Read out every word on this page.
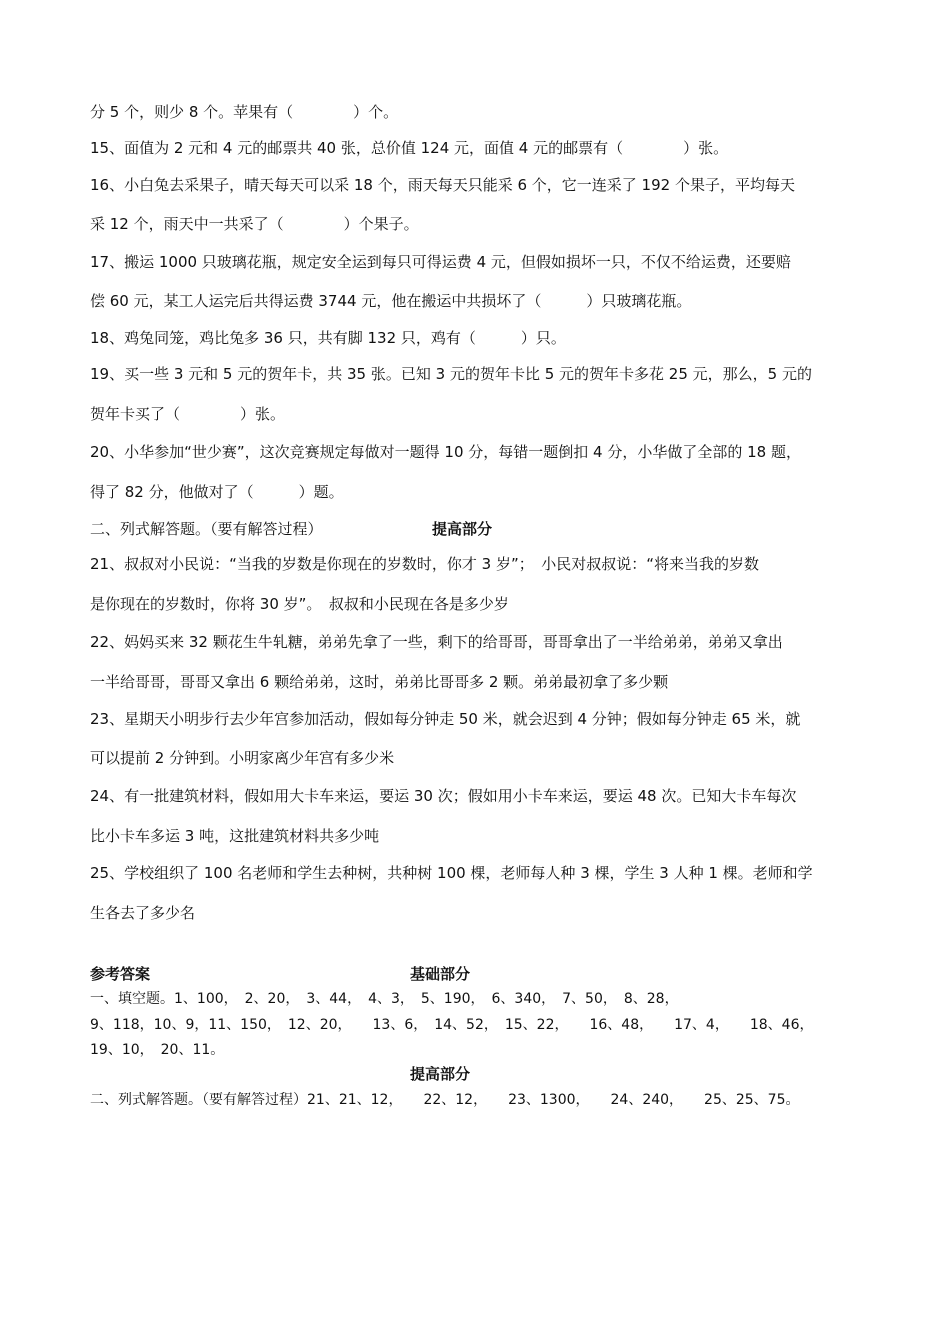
分 5 个，则少 8 个。苹果有（　　　　）个。
15、面值为 2 元和 4 元的邮票共 40 张，总价值 124 元，面值 4 元的邮票有（　　　　）张。
16、小白兔去采果子，晴天每天可以采 18 个，雨天每天只能采 6 个，它一连采了 192 个果子，平均每天
采 12 个，雨天中一共采了（　　　　）个果子。
17、搬运 1000 只玻璃花瓶，规定安全运到每只可得运费 4 元，但假如损坏一只，不仅不给运费，还要赔
偿 60 元，某工人运完后共得运费 3744 元，他在搬运中共损坏了（　　　）只玻璃花瓶。
18、鸡兔同笼，鸡比兔多 36 只，共有脚 132 只，鸡有（　　　）只。
19、买一些 3 元和 5 元的贺年卡，共 35 张。已知 3 元的贺年卡比 5 元的贺年卡多花 25 元，那么，5 元的
贺年卡买了（　　　　）张。
20、小华参加“世少赛”，这次竞赛规定每做对一题得 10 分，每错一题倒扣 4 分，小华做了全部的 18 题，
得了 82 分，他做对了（　　　）题。
二、列式解答题。（要有解答过程）	提高部分
21、叔叔对小民说：“当我的岁数是你现在的岁数时，你才 3 岁”；　小民对叔叔说：“将来当我的岁数
是你现在的岁数时，你将 30 岁”。　叔叔和小民现在各是多少岁
22、妈妈买来 32 颗花生牛轧糖，弟弟先拿了一些，剩下的给哥哥，哥哥拿出了一半给弟弟，弟弟又拿出
一半给哥哥，哥哥又拿出 6 颗给弟弟，这时，弟弟比哥哥多 2 颗。弟弟最初拿了多少颗
23、星期天小明步行去少年宫参加活动，假如每分钟走 50 米，就会迟到 4 分钟；假如每分钟走 65 米，就
可以提前 2 分钟到。小明家离少年宫有多少米
24、有一批建筑材料，假如用大卡车来运，要运 30 次；假如用小卡车来运，要运 48 次。已知大卡车每次
比小卡车多运 3 吨，这批建筑材料共多少吨
25、学校组织了 100 名老师和学生去种树，共种树 100 棵，老师每人种 3 棵，学生 3 人种 1 棵。老师和学
生各去了多少名
参考答案	基础部分
一、填空题。1、100，　2、20，　3、44，　4、3，　5、190，　6、340，　7、50，　8、28，
9、118，10、9，11、150，　12、20，　　13、6，　14、52，　15、22，　　16、48，　　17、4，　　18、46，
19、10，　20、11。
提高部分
二、列式解答题。（要有解答过程）21、21、12，　　22、12，　　23、1300，　　24、240，　　25、25、75。
